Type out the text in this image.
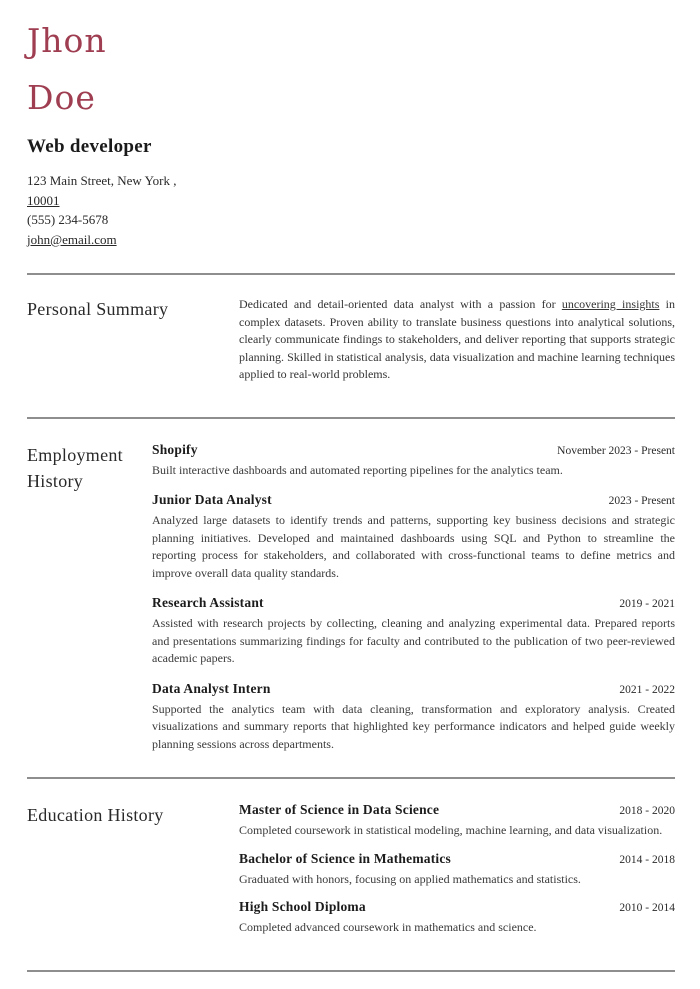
Jhon
Doe
Web developer
123 Main Street, New York ,
10001
(555) 234-5678
john@email.com
Personal Summary	Dedicated and detail-oriented data analyst with a passion for uncovering insights in complex datasets. Proven ability to translate business questions into analytical solutions, clearly communicate findings to stakeholders, and deliver reporting that supports strategic planning. Skilled in statistical analysis, data visualization and machine learning techniques applied to real-world problems.
Employment History
Shopify	November 2023 - Present
Built interactive dashboards and automated reporting pipelines for the analytics team.
Junior Data Analyst	2023 - Present
Analyzed large datasets to identify trends and patterns, supporting key business decisions and strategic planning initiatives. Developed and maintained dashboards using SQL and Python to streamline the reporting process for stakeholders, and collaborated with cross-functional teams to define metrics and improve overall data quality standards.
Research Assistant	2019 - 2021
Assisted with research projects by collecting, cleaning and analyzing experimental data. Prepared reports and presentations summarizing findings for faculty and contributed to the publication of two peer-reviewed academic papers.
Data Analyst Intern	2021 - 2022
Supported the analytics team with data cleaning, transformation and exploratory analysis. Created visualizations and summary reports that highlighted key performance indicators and helped guide weekly planning sessions across departments.
Education History	Master of Science in Data Science	2018 - 2020
Completed coursework in statistical modeling, machine learning, and data visualization.
Bachelor of Science in Mathematics	2014 - 2018
Graduated with honors, focusing on applied mathematics and statistics.
High School Diploma	2010 - 2014
Completed advanced coursework in mathematics and science.
